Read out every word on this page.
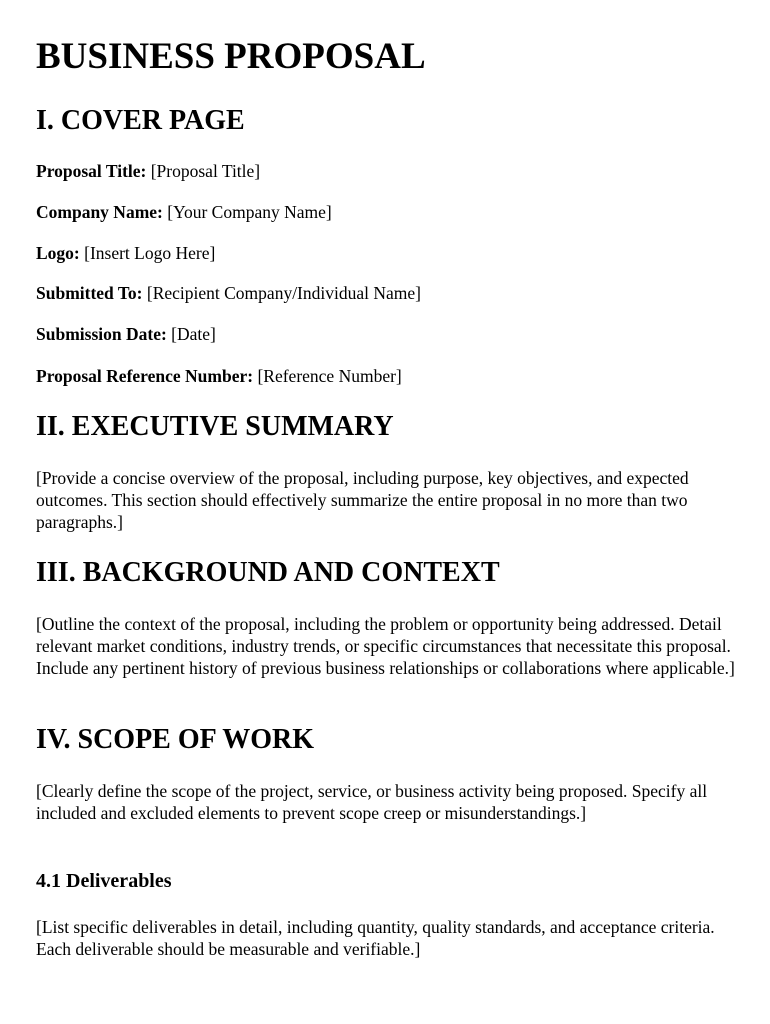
BUSINESS PROPOSAL
I. COVER PAGE
Proposal Title: [Proposal Title]
Company Name: [Your Company Name]
Logo: [Insert Logo Here]
Submitted To: [Recipient Company/Individual Name]
Submission Date: [Date]
Proposal Reference Number: [Reference Number]
II. EXECUTIVE SUMMARY

[Provide a concise overview of the proposal, including purpose, key objectives, and expected outcomes. This section should effectively summarize the entire proposal in no more than two paragraphs.]

III. BACKGROUND AND CONTEXT

[Outline the context of the proposal, including the problem or opportunity being addressed. Detail relevant market conditions, industry trends, or specific circumstances that necessitate this proposal. Include any pertinent history of previous business relationships or collaborations where applicable.]

IV. SCOPE OF WORK

[Clearly define the scope of the project, service, or business activity being proposed. Specify all included and excluded elements to prevent scope creep or misunderstandings.]

4.1 Deliverables

[List specific deliverables in detail, including quantity, quality standards, and acceptance criteria. Each deliverable should be measurable and verifiable.]
